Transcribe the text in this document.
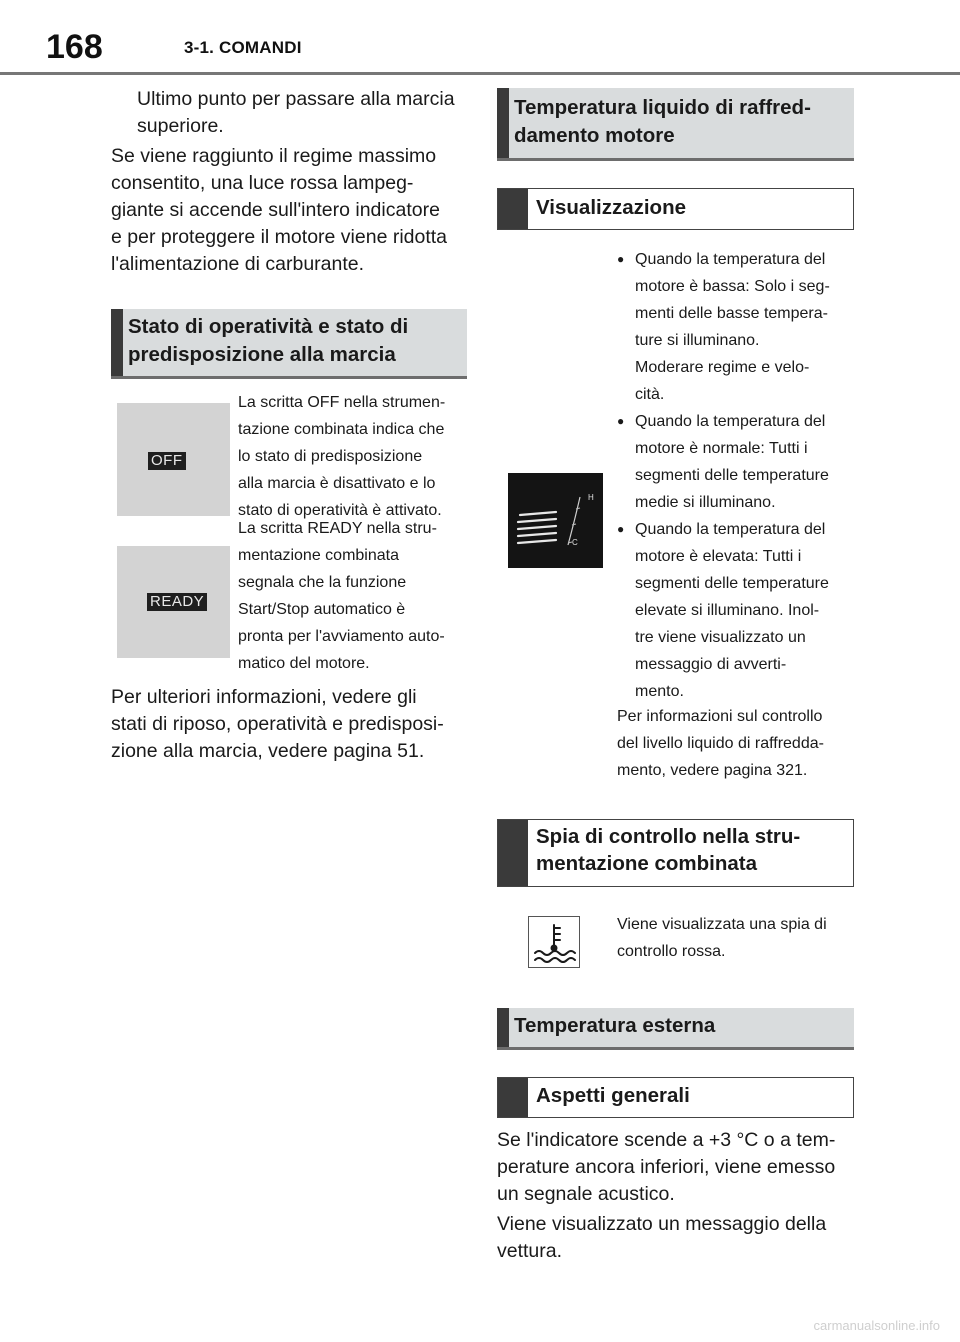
168	3-1. COMANDI
Ultimo punto per passare alla marcia
superiore.
Se viene raggiunto il regime massimo
consentito, una luce rossa lampeg-
giante si accende sull'intero indicatore
e per proteggere il motore viene ridotta
l'alimentazione di carburante.
Stato di operatività e stato di
predisposizione alla marcia
OFF
La scritta OFF nella strumen-
tazione combinata indica che
lo stato di predisposizione
alla marcia è disattivato e lo
stato di operatività è attivato.
READY
La scritta READY nella stru-
mentazione combinata
segnala che la funzione
Start/Stop automatico è
pronta per l'avviamento auto-
matico del motore.
Per ulteriori informazioni, vedere gli
stati di riposo, operatività e predisposi-
zione alla marcia, vedere pagina 51.
Temperatura liquido di raffred-
damento motore
Visualizzazione
H
C
● Quando la temperatura del
motore è bassa: Solo i seg-
menti delle basse tempera-
ture si illuminano.
Moderare regime e velo-
cità.
● Quando la temperatura del
motore è normale: Tutti i
segmenti delle temperature
medie si illuminano.
● Quando la temperatura del
motore è elevata: Tutti i
segmenti delle temperature
elevate si illuminano. Inol-
tre viene visualizzato un
messaggio di avverti-
mento.
Per informazioni sul controllo
del livello liquido di raffredda-
mento, vedere pagina 321.
Spia di controllo nella stru-
mentazione combinata
Viene visualizzata una spia di
controllo rossa.
Temperatura esterna
Aspetti generali
Se l'indicatore scende a +3 °C o a tem-
perature ancora inferiori, viene emesso
un segnale acustico.
Viene visualizzato un messaggio della
vettura.
carmanualsonline.info
